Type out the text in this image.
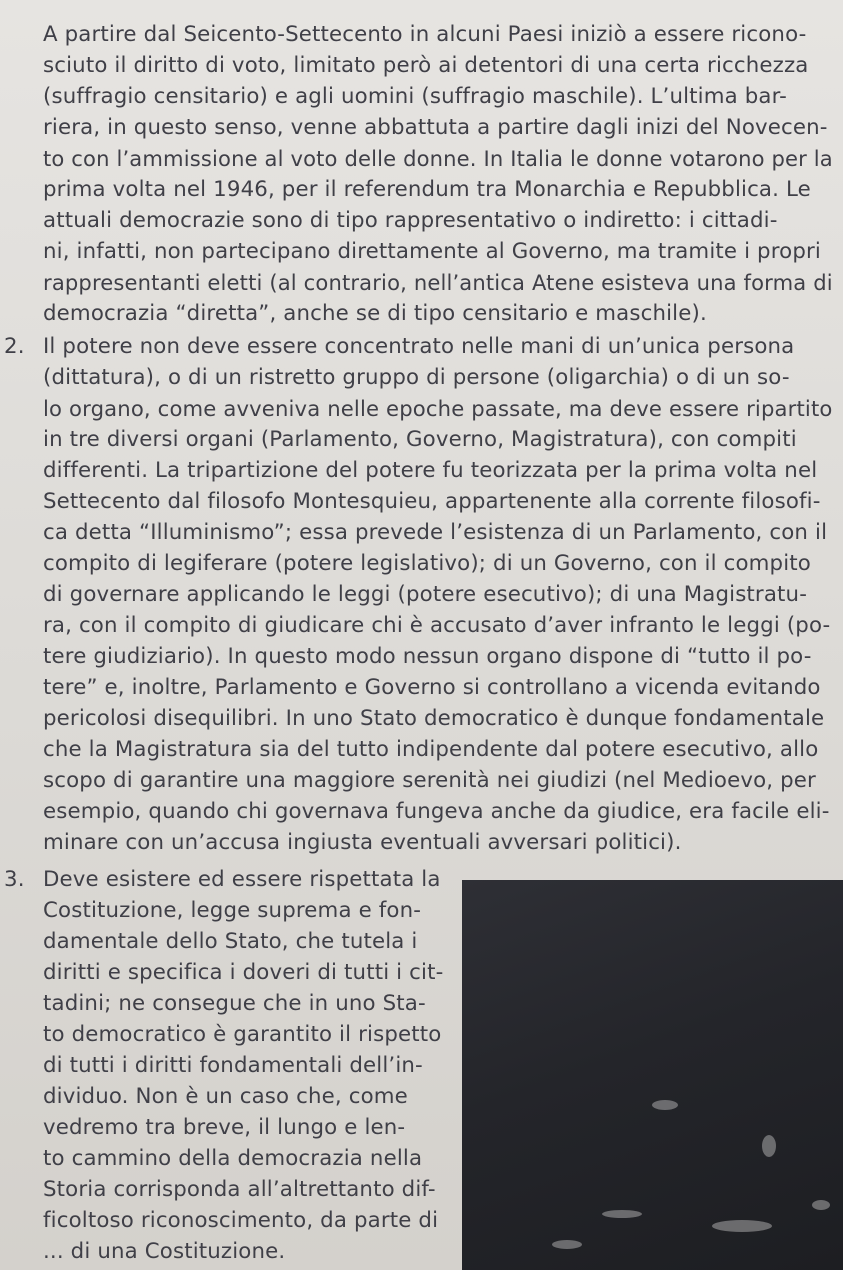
A partire dal Seicento-Settecento in alcuni Paesi iniziò a essere ricono-
sciuto il diritto di voto, limitato però ai detentori di una certa ricchezza
(suffragio censitario) e agli uomini (suffragio maschile). L’ultima bar-
riera, in questo senso, venne abbattuta a partire dagli inizi del Novecen-
to con l’ammissione al voto delle donne. In Italia le donne votarono per la
prima volta nel 1946, per il referendum tra Monarchia e Repubblica. Le
attuali democrazie sono di tipo rappresentativo o indiretto: i cittadi-
ni, infatti, non partecipano direttamente al Governo, ma tramite i propri
rappresentanti eletti (al contrario, nell’antica Atene esisteva una forma di
democrazia “diretta”, anche se di tipo censitario e maschile).
2. Il potere non deve essere concentrato nelle mani di un’unica persona
(dittatura), o di un ristretto gruppo di persone (oligarchia) o di un so-
lo organo, come avveniva nelle epoche passate, ma deve essere ripartito
in tre diversi organi (Parlamento, Governo, Magistratura), con compiti
differenti. La tripartizione del potere fu teorizzata per la prima volta nel
Settecento dal filosofo Montesquieu, appartenente alla corrente filosofi-
ca detta “Illuminismo”; essa prevede l’esistenza di un Parlamento, con il
compito di legiferare (potere legislativo); di un Governo, con il compito
di governare applicando le leggi (potere esecutivo); di una Magistratu-
ra, con il compito di giudicare chi è accusato d’aver infranto le leggi (po-
tere giudiziario). In questo modo nessun organo dispone di “tutto il po-
tere” e, inoltre, Parlamento e Governo si controllano a vicenda evitando
pericolosi disequilibri. In uno Stato democratico è dunque fondamentale
che la Magistratura sia del tutto indipendente dal potere esecutivo, allo
scopo di garantire una maggiore serenità nei giudizi (nel Medioevo, per
esempio, quando chi governava fungeva anche da giudice, era facile eli-
minare con un’accusa ingiusta eventuali avversari politici).
3. Deve esistere ed essere rispettata la
Costituzione, legge suprema e fon-
damentale dello Stato, che tutela i
diritti e specifica i doveri di tutti i cit-
tadini; ne consegue che in uno Sta-
to democratico è garantito il rispetto
di tutti i diritti fondamentali dell’in-
dividuo. Non è un caso che, come
vedremo tra breve, il lungo e len-
to cammino della democrazia nella
Storia corrisponda all’altrettanto dif-
ficoltoso riconoscimento, da parte di
... di una Costituzione.
